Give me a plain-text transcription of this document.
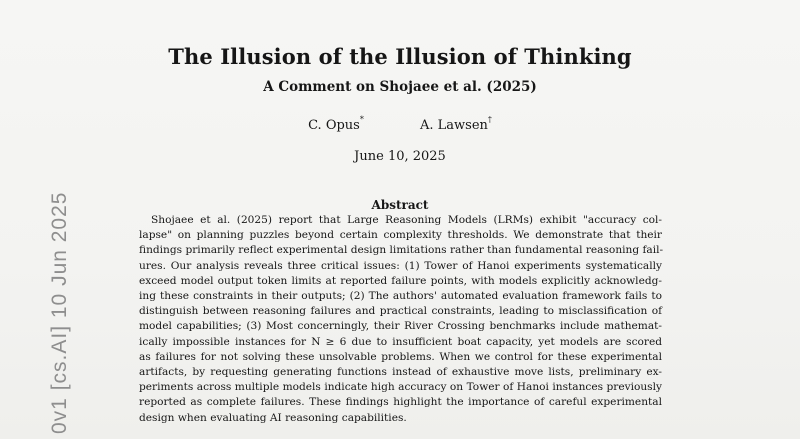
0v1 [cs.AI] 10 Jun 2025
The Illusion of the Illusion of Thinking
A Comment on Shojaee et al. (2025)
C. Opus*	A. Lawsen†
June 10, 2025
Abstract
Shojaee et al. (2025) report that Large Reasoning Models (LRMs) exhibit "accuracy col-
lapse" on planning puzzles beyond certain complexity thresholds. We demonstrate that their
findings primarily reflect experimental design limitations rather than fundamental reasoning fail-
ures. Our analysis reveals three critical issues: (1) Tower of Hanoi experiments systematically
exceed model output token limits at reported failure points, with models explicitly acknowledg-
ing these constraints in their outputs; (2) The authors' automated evaluation framework fails to
distinguish between reasoning failures and practical constraints, leading to misclassification of
model capabilities; (3) Most concerningly, their River Crossing benchmarks include mathemat-
ically impossible instances for N ≥ 6 due to insufficient boat capacity, yet models are scored
as failures for not solving these unsolvable problems. When we control for these experimental
artifacts, by requesting generating functions instead of exhaustive move lists, preliminary ex-
periments across multiple models indicate high accuracy on Tower of Hanoi instances previously
reported as complete failures. These findings highlight the importance of careful experimental
design when evaluating AI reasoning capabilities.
